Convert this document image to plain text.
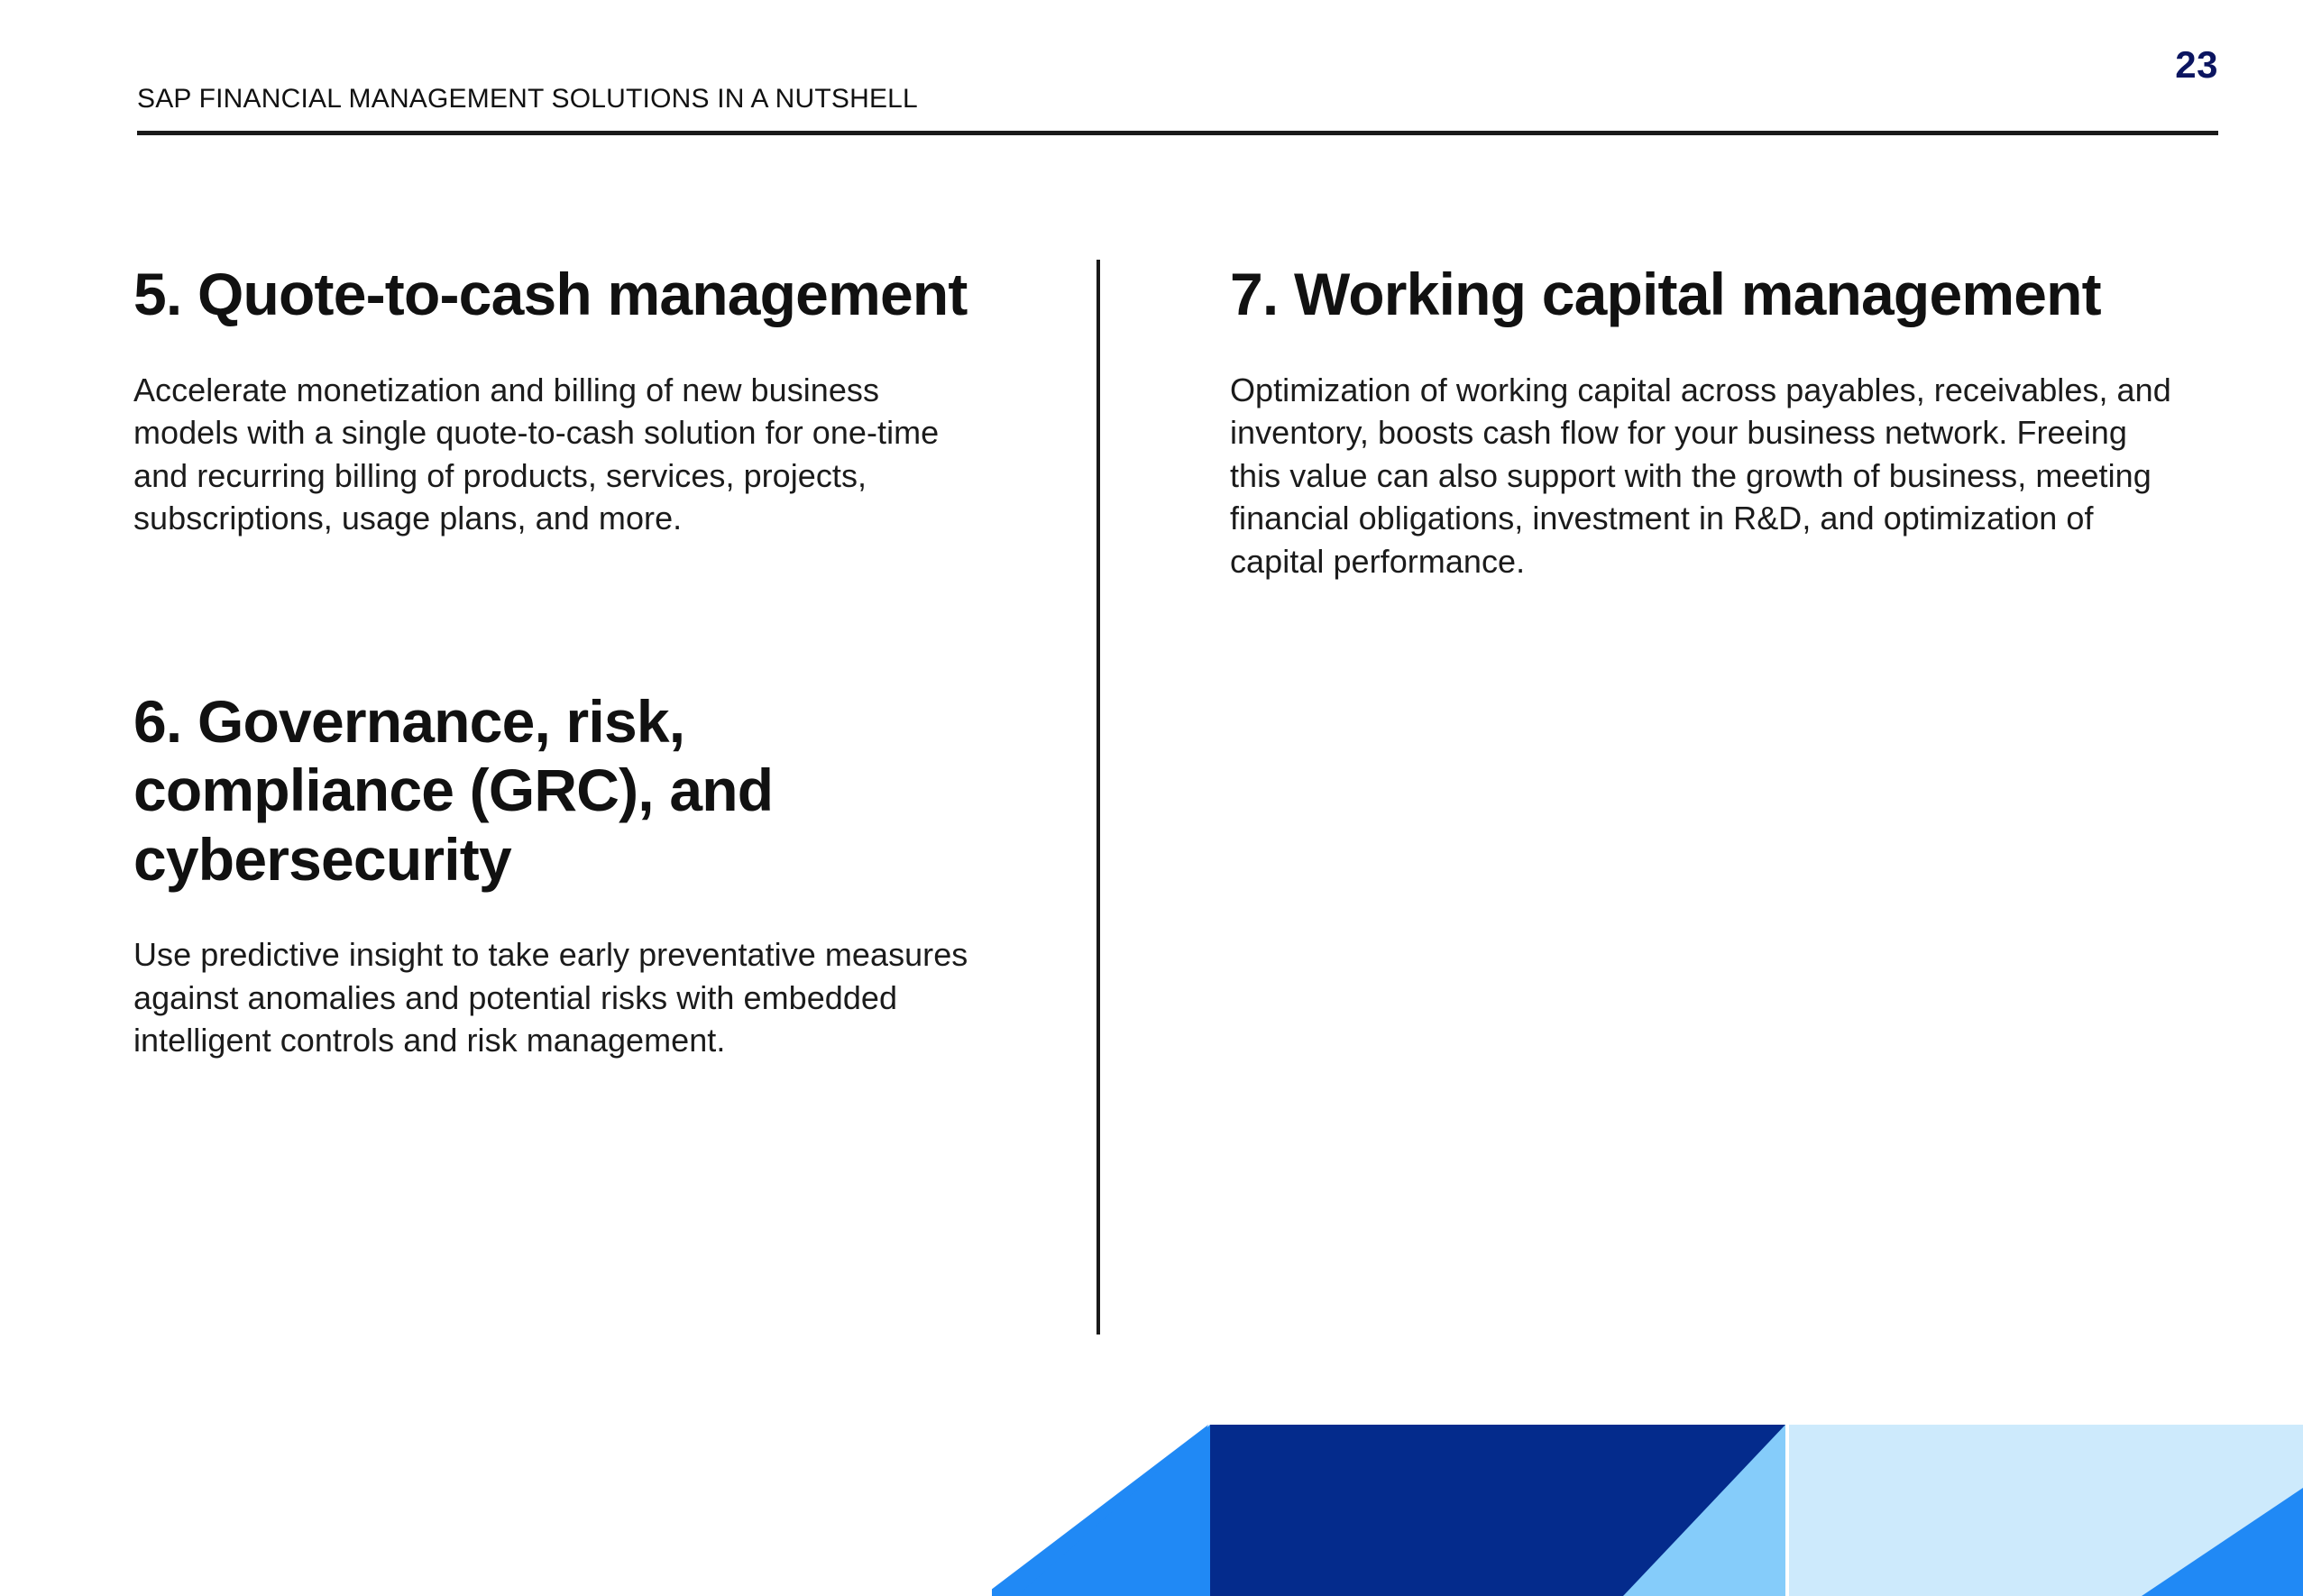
SAP FINANCIAL MANAGEMENT SOLUTIONS IN A NUTSHELL
23
5. Quote-to-cash management

Accelerate monetization and billing of new business models with a single quote-to-cash solution for one-time and recurring billing of products, services, projects, subscriptions, usage plans, and more.

6. Governance, risk, compliance (GRC), and cybersecurity

Use predictive insight to take early preventative measures against anomalies and potential risks with embedded intelligent controls and risk management.

7. Working capital management

Optimization of working capital across payables, receivables, and inventory, boosts cash flow for your business network. Freeing this value can also support with the growth of business, meeting financial obligations, investment in R&D, and optimization of capital performance.
